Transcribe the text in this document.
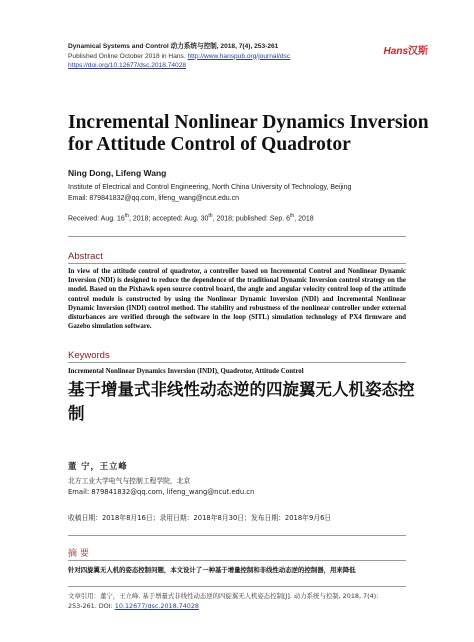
Dynamical Systems and Control 动力系统与控制, 2018, 7(4), 253-261
Published Online October 2018 in Hans. http://www.hanspub.org/journal/dsc
https://doi.org/10.12677/dsc.2018.74028
Hans汉斯
Incremental Nonlinear Dynamics Inversion for Attitude Control of Quadrotor
Ning Dong, Lifeng Wang
Institute of Electrical and Control Engineering, North China University of Technology, Beijing
Email: 879841832@qq.com, lifeng_wang@ncut.edu.cn
Received: Aug. 16th, 2018; accepted: Aug. 30th, 2018; published: Sep. 6th, 2018
Abstract
In view of the attitude control of quadrotor, a controller based on Incremental Control and Nonlinear Dynamic Inversion (NDI) is designed to reduce the dependence of the traditional Dynamic Inversion control strategy on the model. Based on the Pixhawk open source control board, the angle and angular velocity control loop of the attitude control module is constructed by using the Nonlinear Dynamic Inversion (NDI) and Incremental Nonlinear Dynamic Inversion (INDI) control method. The stability and robustness of the nonlinear controller under external disturbances are verified through the software in the loop (SITL) simulation technology of PX4 firmware and Gazebo simulation software.
Keywords
Incremental Nonlinear Dynamics Inversion (INDI), Quadrotor, Attitude Control
基于增量式非线性动态逆的四旋翼无人机姿态控制
董 宁，王立峰
北方工业大学电气与控制工程学院，北京
Email: 879841832@qq.com, lifeng_wang@ncut.edu.cn
收稿日期：2018年8月16日；录用日期：2018年8月30日；发布日期：2018年9月6日
摘 要
针对四旋翼无人机的姿态控制问题，本文设计了一种基于增量控制和非线性动态逆的控制器，用来降低
文章引用：董宁，王立峰. 基于增量式非线性动态逆的四旋翼无人机姿态控制[J]. 动力系统与控制, 2018, 7(4):
253-261. DOI: 10.12677/dsc.2018.74028
